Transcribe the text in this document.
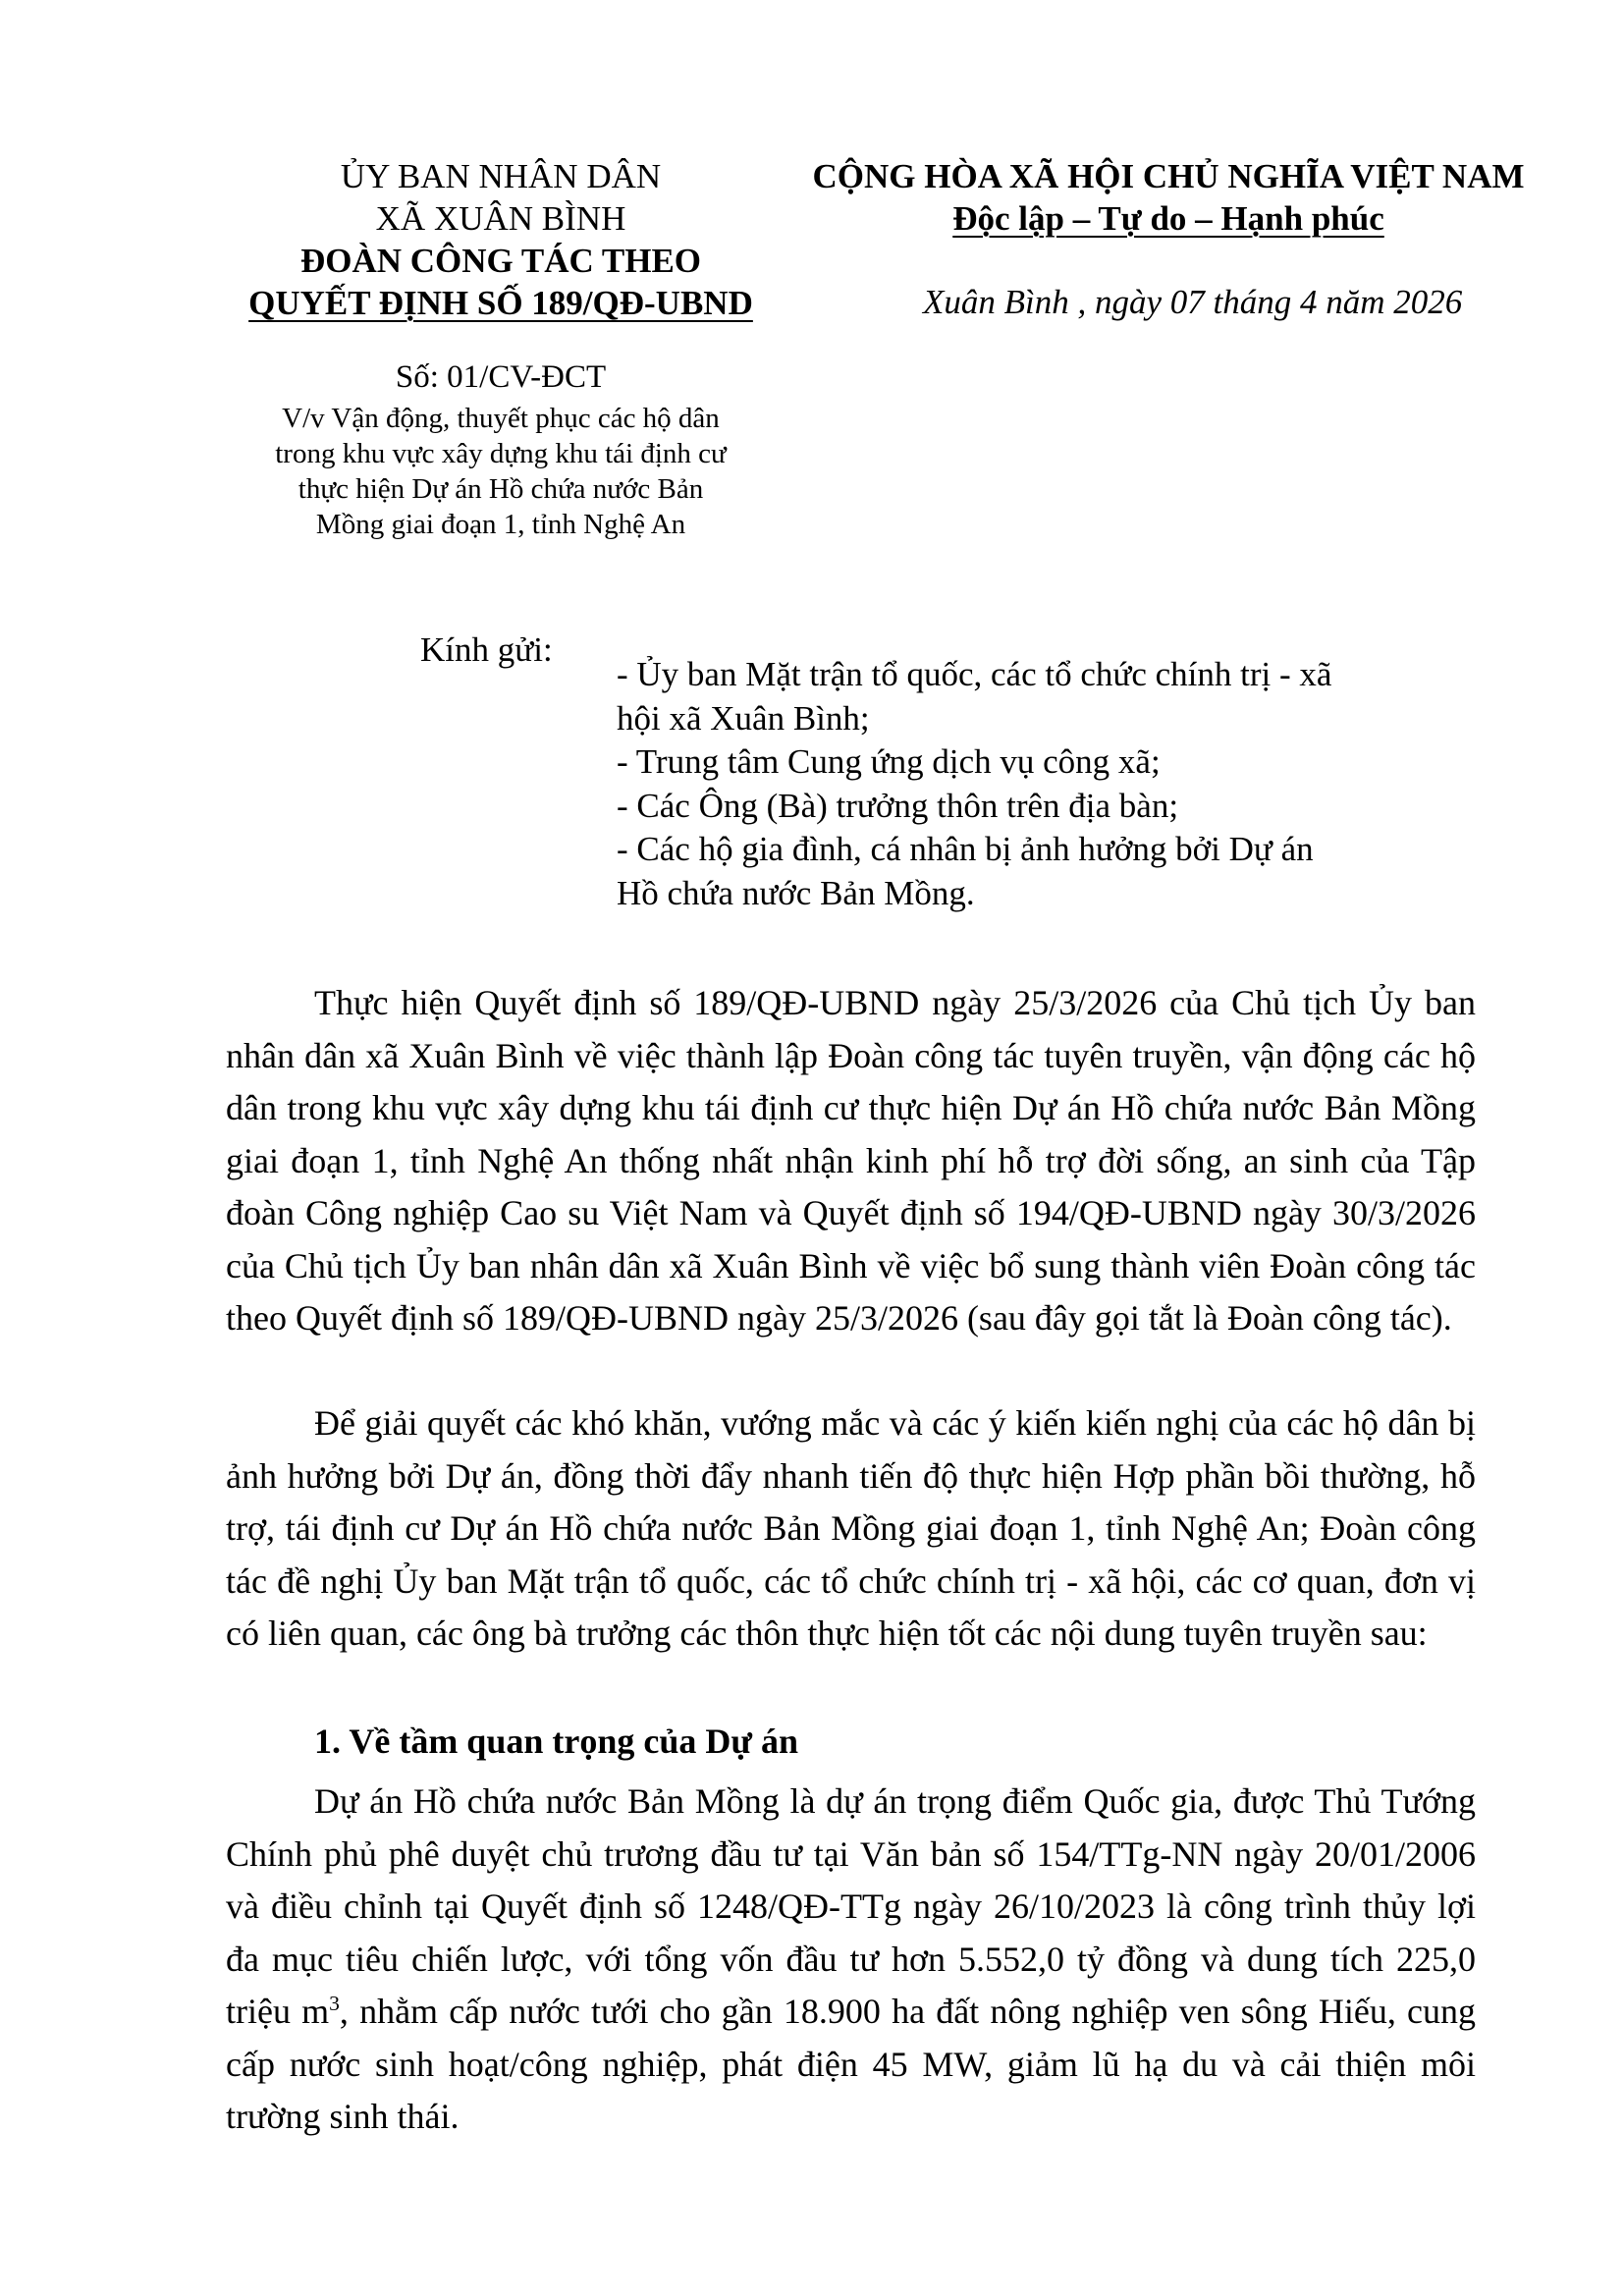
ỦY BAN NHÂN DÂN
XÃ XUÂN BÌNH
ĐOÀN CÔNG TÁC THEO
QUYẾT ĐỊNH SỐ 189/QĐ-UBND
CỘNG HÒA XÃ HỘI CHỦ NGHĨA VIỆT NAM
Độc lập – Tự do – Hạnh phúc
Xuân Bình , ngày 07 tháng 4 năm 2026
Số: 01/CV-ĐCT
V/v Vận động, thuyết phục các hộ dân
trong khu vực xây dựng khu tái định cư
thực hiện Dự án Hồ chứa nước Bản
Mồng giai đoạn 1, tỉnh Nghệ An
Kính gửi:
- Ủy ban Mặt trận tổ quốc, các tổ chức chính trị - xã
hội xã Xuân Bình;
- Trung tâm Cung ứng dịch vụ công xã;
- Các Ông (Bà) trưởng thôn trên địa bàn;
- Các hộ gia đình, cá nhân bị ảnh hưởng bởi Dự án
Hồ chứa nước Bản Mồng.
Thực hiện Quyết định số 189/QĐ-UBND ngày 25/3/2026 của Chủ tịch Ủy ban nhân dân xã Xuân Bình về việc thành lập Đoàn công tác tuyên truyền, vận động các hộ dân trong khu vực xây dựng khu tái định cư thực hiện Dự án Hồ chứa nước Bản Mồng giai đoạn 1, tỉnh Nghệ An thống nhất nhận kinh phí hỗ trợ đời sống, an sinh của Tập đoàn Công nghiệp Cao su Việt Nam và Quyết định số 194/QĐ-UBND ngày 30/3/2026 của Chủ tịch Ủy ban nhân dân xã Xuân Bình về việc bổ sung thành viên Đoàn công tác theo Quyết định số 189/QĐ-UBND ngày 25/3/2026 (sau đây gọi tắt là Đoàn công tác).
Để giải quyết các khó khăn, vướng mắc và các ý kiến kiến nghị của các hộ dân bị ảnh hưởng bởi Dự án, đồng thời đẩy nhanh tiến độ thực hiện Hợp phần bồi thường, hỗ trợ, tái định cư Dự án Hồ chứa nước Bản Mồng giai đoạn 1, tỉnh Nghệ An; Đoàn công tác đề nghị Ủy ban Mặt trận tổ quốc, các tổ chức chính trị - xã hội, các cơ quan, đơn vị có liên quan, các ông bà trưởng các thôn thực hiện tốt các nội dung tuyên truyền sau:
1. Về tầm quan trọng của Dự án
Dự án Hồ chứa nước Bản Mồng là dự án trọng điểm Quốc gia, được Thủ Tướng Chính phủ phê duyệt chủ trương đầu tư tại Văn bản số 154/TTg-NN ngày 20/01/2006 và điều chỉnh tại Quyết định số 1248/QĐ-TTg ngày 26/10/2023 là công trình thủy lợi đa mục tiêu chiến lược, với tổng vốn đầu tư hơn 5.552,0 tỷ đồng và dung tích 225,0 triệu $m^3$, nhằm cấp nước tưới cho gần 18.900 ha đất nông nghiệp ven sông Hiếu, cung cấp nước sinh hoạt/công nghiệp, phát điện 45 MW, giảm lũ hạ du và cải thiện môi trường sinh thái.
